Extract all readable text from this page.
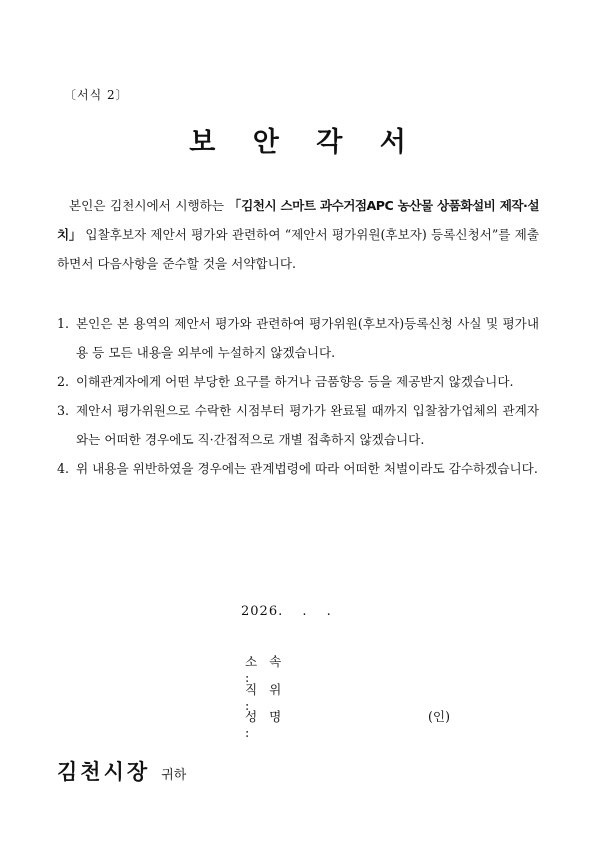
〔서식 2〕
보 안 각 서
본인은 김천시에서 시행하는 「김천시 스마트 과수거점APC 농산물 상품화설비 제작·설치」 입찰후보자 제안서 평가와 관련하여 “제안서 평가위원(후보자) 등록신청서”를 제출하면서 다음사항을 준수할 것을 서약합니다.
1. 본인은 본 용역의 제안서 평가와 관련하여 평가위원(후보자)등록신청 사실 및 평가내용 등 모든 내용을 외부에 누설하지 않겠습니다.
2. 이해관계자에게 어떤 부당한 요구를 하거나 금품향응 등을 제공받지 않겠습니다.
3. 제안서 평가위원으로 수락한 시점부터 평가가 완료될 때까지 입찰참가업체의 관계자와는 어떠한 경우에도 직·간접적으로 개별 접촉하지 않겠습니다.
4. 위 내용을 위반하였을 경우에는 관계법령에 따라 어떠한 처벌이라도 감수하겠습니다.
2026.　 .　 .
소 속 :
직 위 :
성 명 :
(인)
김천시장 귀하
